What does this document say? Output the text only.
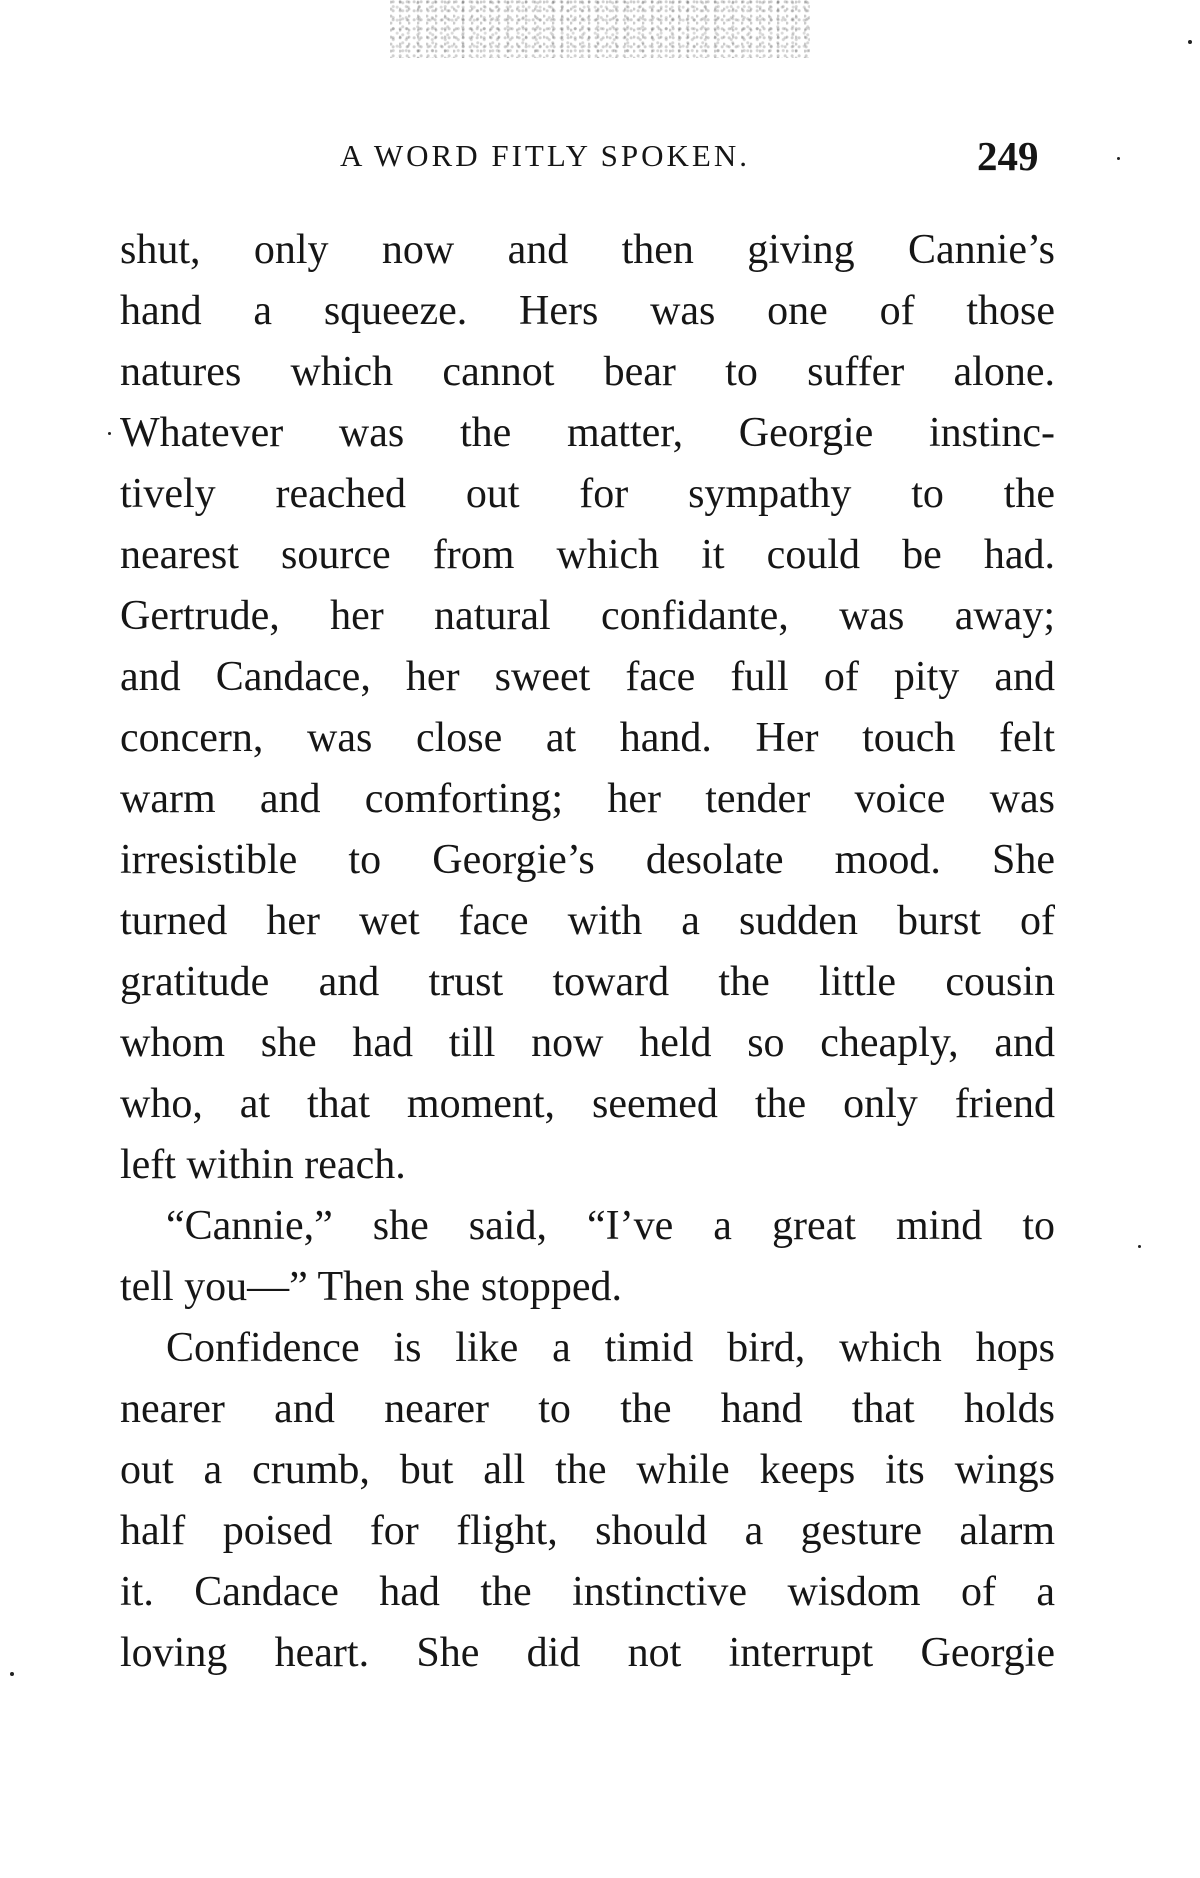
A WORD FITLY SPOKEN.	249
shut, only now and then giving Cannie’s
hand a squeeze. Hers was one of those
natures which cannot bear to suffer alone.
Whatever was the matter, Georgie instinc-
tively reached out for sympathy to the
nearest source from which it could be had.
Gertrude, her natural confidante, was away;
and Candace, her sweet face full of pity and
concern, was close at hand. Her touch felt
warm and comforting; her tender voice was
irresistible to Georgie’s desolate mood. She
turned her wet face with a sudden burst of
gratitude and trust toward the little cousin
whom she had till now held so cheaply, and
who, at that moment, seemed the only friend
left within reach.
“Cannie,” she said, “I’ve a great mind to
tell you—” Then she stopped.
Confidence is like a timid bird, which hops
nearer and nearer to the hand that holds
out a crumb, but all the while keeps its wings
half poised for flight, should a gesture alarm
it. Candace had the instinctive wisdom of a
loving heart. She did not interrupt Georgie
